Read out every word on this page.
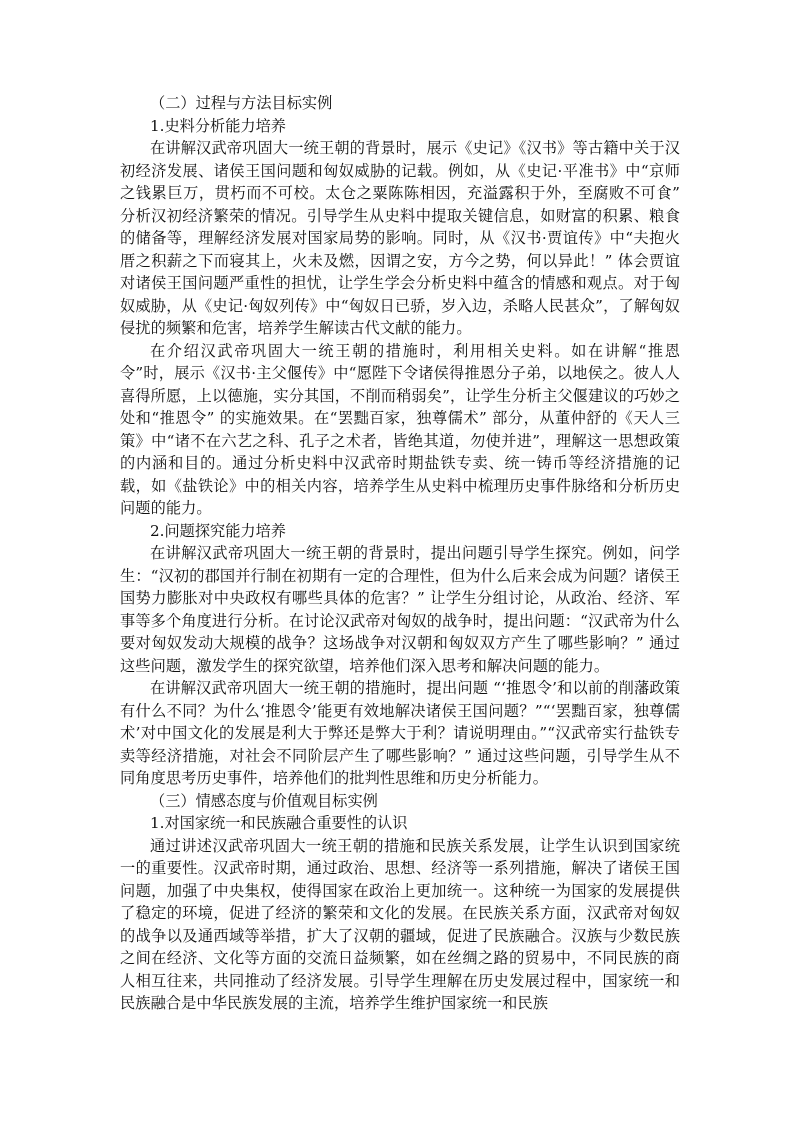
（二）过程与方法目标实例

1.史料分析能力培养

在讲解汉武帝巩固大一统王朝的背景时，展示《史记》《汉书》等古籍中关于汉初经济发展、诸侯王国问题和匈奴威胁的记载。例如，从《史记·平准书》中“京师之钱累巨万，贯朽而不可校。太仓之粟陈陈相因，充溢露积于外，至腐败不可食” 分析汉初经济繁荣的情况。引导学生从史料中提取关键信息，如财富的积累、粮食的储备等，理解经济发展对国家局势的影响。同时，从《汉书·贾谊传》中“夫抱火厝之积薪之下而寝其上，火未及燃，因谓之安，方今之势，何以异此！” 体会贾谊对诸侯王国问题严重性的担忧，让学生学会分析史料中蕴含的情感和观点。对于匈奴威胁，从《史记·匈奴列传》中“匈奴日已骄，岁入边，杀略人民甚众”，了解匈奴侵扰的频繁和危害，培养学生解读古代文献的能力。

在介绍汉武帝巩固大一统王朝的措施时，利用相关史料。如在讲解“推恩令”时，展示《汉书·主父偃传》中“愿陛下令诸侯得推恩分子弟，以地侯之。彼人人喜得所愿，上以德施，实分其国，不削而稍弱矣”，让学生分析主父偃建议的巧妙之处和“推恩令” 的实施效果。在“罢黜百家，独尊儒术” 部分，从董仲舒的《天人三策》中“诸不在六艺之科、孔子之术者，皆绝其道，勿使并进”，理解这一思想政策的内涵和目的。通过分析史料中汉武帝时期盐铁专卖、统一铸币等经济措施的记载，如《盐铁论》中的相关内容，培养学生从史料中梳理历史事件脉络和分析历史问题的能力。

2.问题探究能力培养

在讲解汉武帝巩固大一统王朝的背景时，提出问题引导学生探究。例如，问学生：“汉初的郡国并行制在初期有一定的合理性，但为什么后来会成为问题？诸侯王国势力膨胀对中央政权有哪些具体的危害？” 让学生分组讨论，从政治、经济、军事等多个角度进行分析。在讨论汉武帝对匈奴的战争时，提出问题：“汉武帝为什么要对匈奴发动大规模的战争？这场战争对汉朝和匈奴双方产生了哪些影响？” 通过这些问题，激发学生的探究欲望，培养他们深入思考和解决问题的能力。

在讲解汉武帝巩固大一统王朝的措施时，提出问题 “‘推恩令’和以前的削藩政策有什么不同？为什么‘推恩令’能更有效地解决诸侯王国问题？”“‘罢黜百家，独尊儒术’对中国文化的发展是利大于弊还是弊大于利？请说明理由。”“汉武帝实行盐铁专卖等经济措施，对社会不同阶层产生了哪些影响？” 通过这些问题，引导学生从不同角度思考历史事件，培养他们的批判性思维和历史分析能力。

（三）情感态度与价值观目标实例

1.对国家统一和民族融合重要性的认识

通过讲述汉武帝巩固大一统王朝的措施和民族关系发展，让学生认识到国家统一的重要性。汉武帝时期，通过政治、思想、经济等一系列措施，解决了诸侯王国问题，加强了中央集权，使得国家在政治上更加统一。这种统一为国家的发展提供了稳定的环境，促进了经济的繁荣和文化的发展。在民族关系方面，汉武帝对匈奴的战争以及通西域等举措，扩大了汉朝的疆域，促进了民族融合。汉族与少数民族之间在经济、文化等方面的交流日益频繁，如在丝绸之路的贸易中，不同民族的商人相互往来，共同推动了经济发展。引导学生理解在历史发展过程中，国家统一和民族融合是中华民族发展的主流，培养学生维护国家统一和民族
